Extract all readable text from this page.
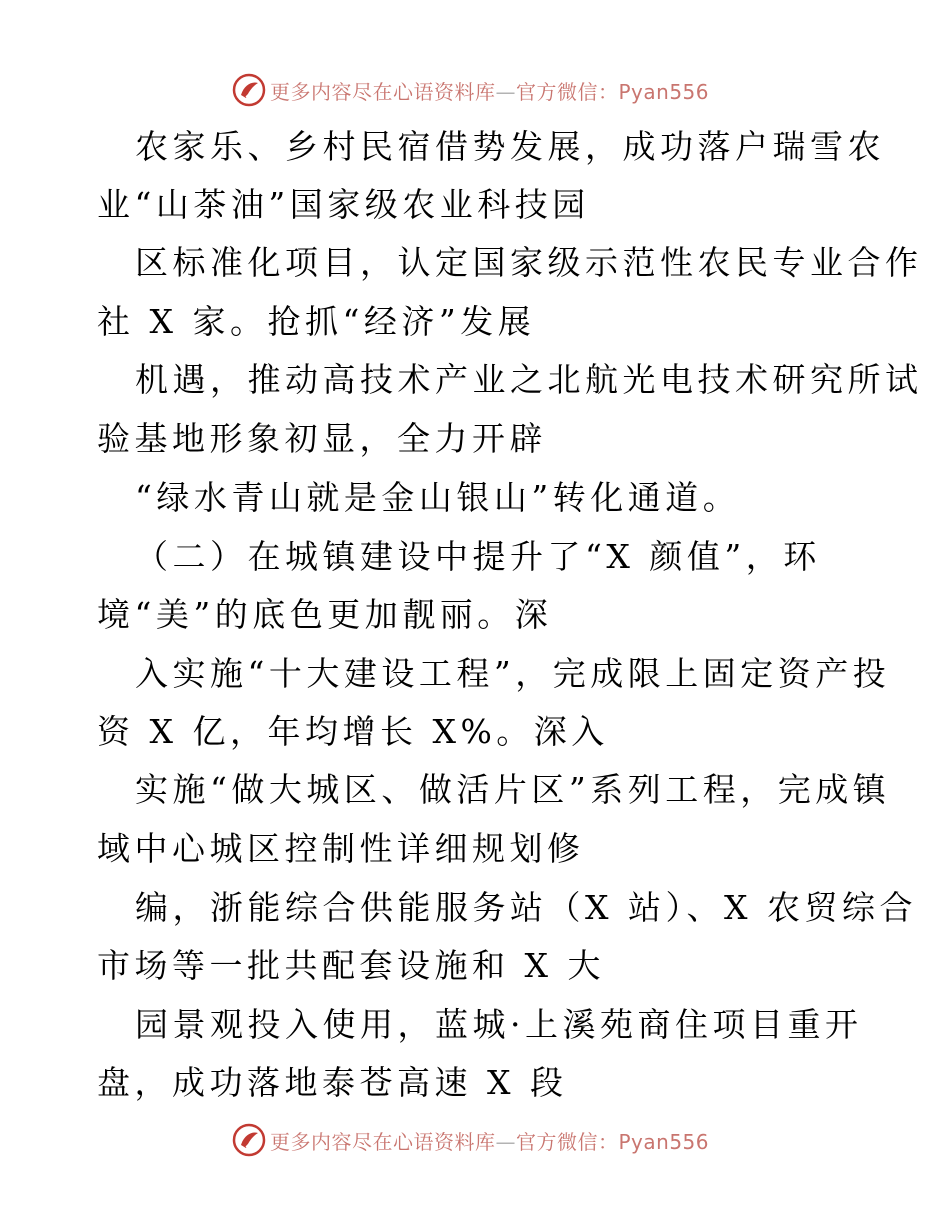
更多内容尽在心语资料库—官方微信：Pyan556
农家乐、乡村民宿借势发展，成功落户瑞雪农
业“山茶油”国家级农业科技园
区标准化项目，认定国家级示范性农民专业合作
社 X 家。抢抓“经济”发展
机遇，推动高技术产业之北航光电技术研究所试
验基地形象初显，全力开辟
“绿水青山就是金山银山”转化通道。
（二）在城镇建设中提升了“X 颜值”，环
境“美”的底色更加靓丽。深
入实施“十大建设工程”，完成限上固定资产投
资 X 亿，年均增长 X%。深入
实施“做大城区、做活片区”系列工程，完成镇
域中心城区控制性详细规划修
编，浙能综合供能服务站（X 站）、X 农贸综合
市场等一批共配套设施和 X 大
园景观投入使用，蓝城·上溪苑商住项目重开
盘，成功落地泰苍高速 X 段
更多内容尽在心语资料库—官方微信：Pyan556
